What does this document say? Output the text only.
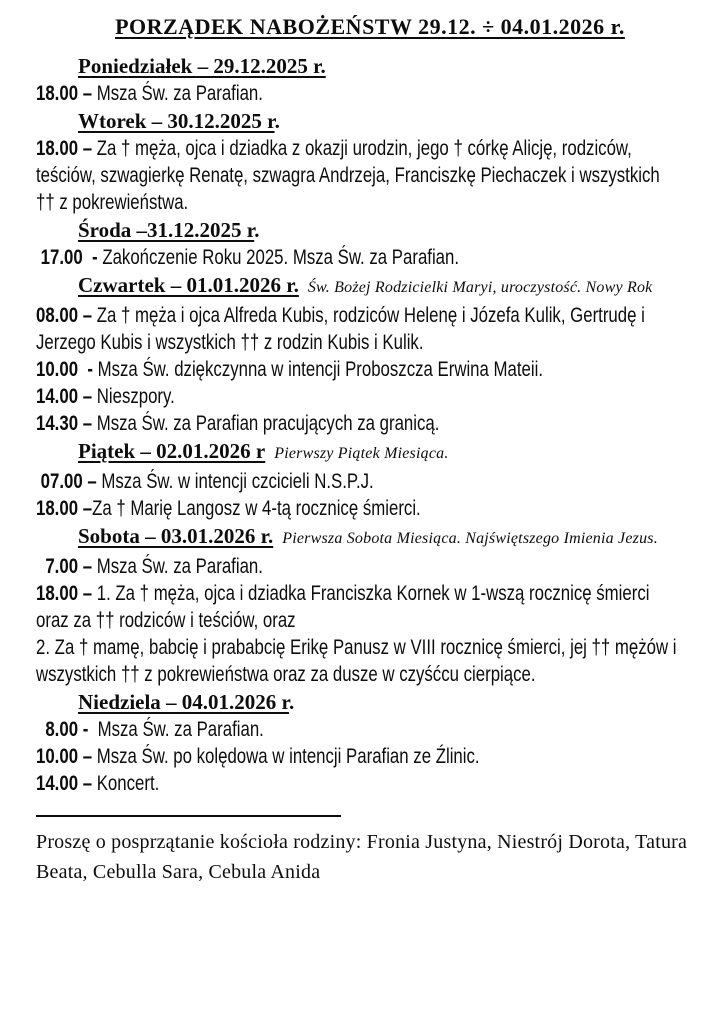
PORZĄDEK NABOŻEŃSTW 29.12. ÷ 04.01.2026 r.
Poniedziałek – 29.12.2025 r.
18.00 – Msza Św. za Parafian.
Wtorek – 30.12.2025 r.
18.00 – Za † męża, ojca i dziadka z okazji urodzin, jego † córkę Alicję, rodziców,
teściów, szwagierkę Renatę, szwagra Andrzeja, Franciszkę Piechaczek i wszystkich
†† z pokrewieństwa.
Środa –31.12.2025 r.
17.00  - Zakończenie Roku 2025. Msza Św. za Parafian.
Czwartek – 01.01.2026 r. Św. Bożej Rodzicielki Maryi, uroczystość. Nowy Rok
08.00 – Za † męża i ojca Alfreda Kubis, rodziców Helenę i Józefa Kulik, Gertrudę i
Jerzego Kubis i wszystkich †† z rodzin Kubis i Kulik.
10.00  - Msza Św. dziękczynna w intencji Proboszcza Erwina Mateii.
14.00 – Nieszpory.
14.30 – Msza Św. za Parafian pracujących za granicą.
Piątek – 02.01.2026 r Pierwszy Piątek Miesiąca.
07.00 – Msza Św. w intencji czcicieli N.S.P.J.
18.00 –Za † Marię Langosz w 4-tą rocznicę śmierci.
Sobota – 03.01.2026 r. Pierwsza Sobota Miesiąca. Najświętszego Imienia Jezus.
7.00 – Msza Św. za Parafian.
18.00 – 1. Za † męża, ojca i dziadka Franciszka Kornek w 1-wszą rocznicę śmierci
oraz za †† rodziców i teściów, oraz
2. Za † mamę, babcię i prababcię Erikę Panusz w VIII rocznicę śmierci, jej †† mężów i
wszystkich †† z pokrewieństwa oraz za dusze w czyśćcu cierpiące.
Niedziela – 04.01.2026 r.
8.00 -  Msza Św. za Parafian.
10.00 – Msza Św. po kolędowa w intencji Parafian ze Źlinic.
14.00 – Koncert.

Proszę o posprzątanie kościoła rodziny: Fronia Justyna, Niestrój Dorota, Tatura

Beata, Cebulla Sara, Cebula Anida
